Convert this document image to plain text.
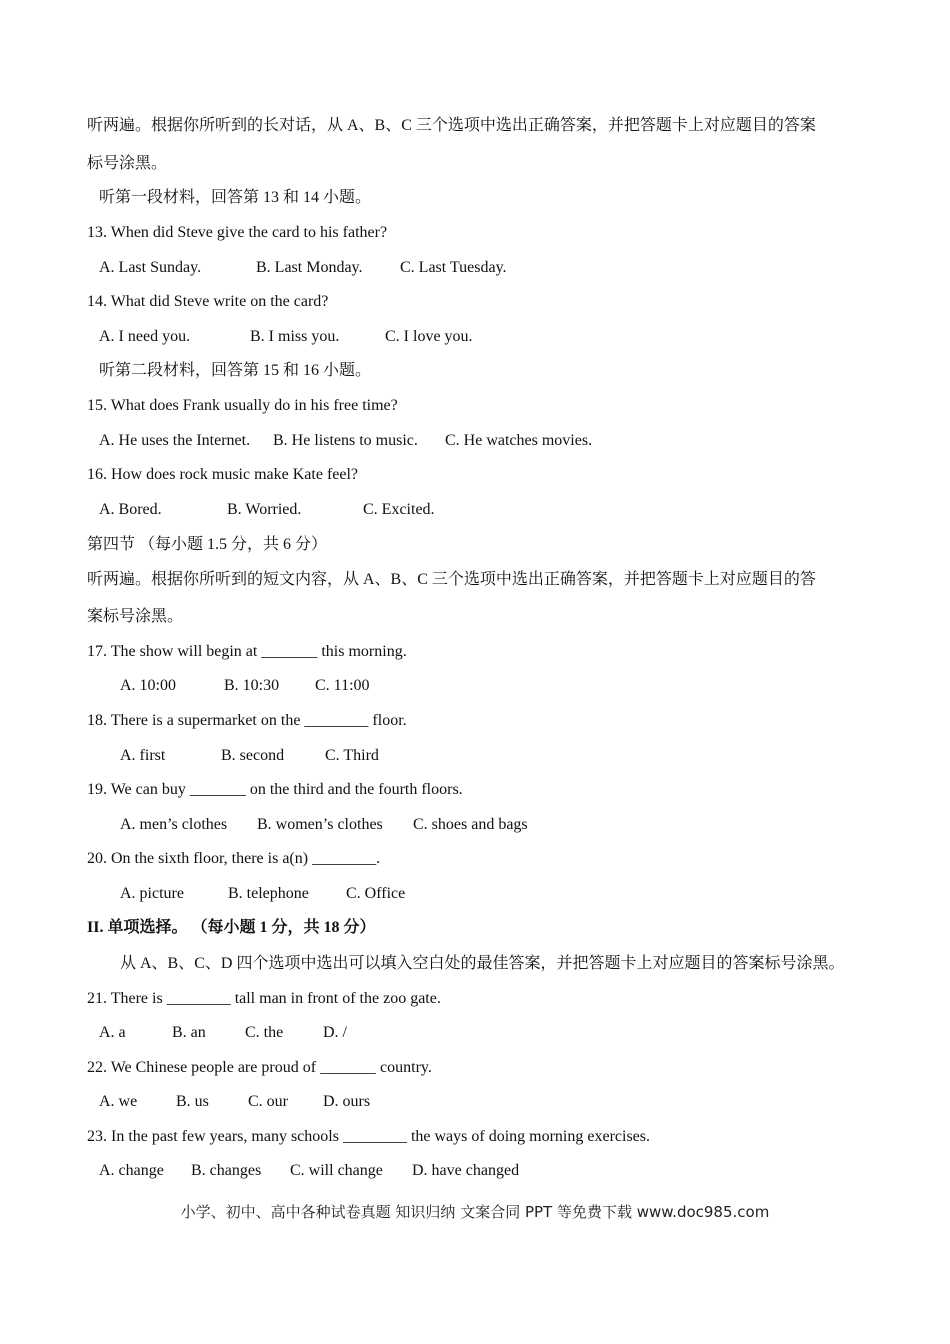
听两遍。根据你所听到的长对话，从 A、B、C 三个选项中选出正确答案，并把答题卡上对应题目的答案
标号涂黑。
听第一段材料，回答第 13 和 14 小题。
13. When did Steve give the card to his father?
A. Last Sunday.	B. Last Monday. C. Last Tuesday.
14. What did Steve write on the card?
A. I need you.	B. I miss you.	C. I love you.
听第二段材料，回答第 15 和 16 小题。
15. What does Frank usually do in his free time?
A. He uses the Internet. B. He listens to music. C. He watches movies.
16. How does rock music make Kate feel?
A. Bored.	B. Worried.	C. Excited.
第四节 （每小题 1.5 分，共 6 分）
听两遍。根据你所听到的短文内容，从 A、B、C 三个选项中选出正确答案，并把答题卡上对应题目的答
案标号涂黑。
17. The show will begin at _______ this morning.
A. 10:00	B. 10:30 C. 11:00
18. There is a supermarket on the ________ floor.
A. first	B. second	C. Third
19. We can buy _______ on the third and the fourth floors.
A. men’s clothes B. women’s clothes C. shoes and bags
20. On the sixth floor, there is a(n) ________.
A. picture	B. telephone C. Office
II. 单项选择。 （每小题 1 分，共 18 分）
从 A、B、C、D 四个选项中选出可以填入空白处的最佳答案，并把答题卡上对应题目的答案标号涂黑。
21. There is ________ tall man in front of the zoo gate.
A. a	B. an C. the D. /
22. We Chinese people are proud of _______ country.
A. we B. us C. our D. ours
23. In the past few years, many schools ________ the ways of doing morning exercises.
A. change B. changes C. will change D. have changed
小学、初中、高中各种试卷真题 知识归纳 文案合同 PPT 等免费下载 www.doc985.com
